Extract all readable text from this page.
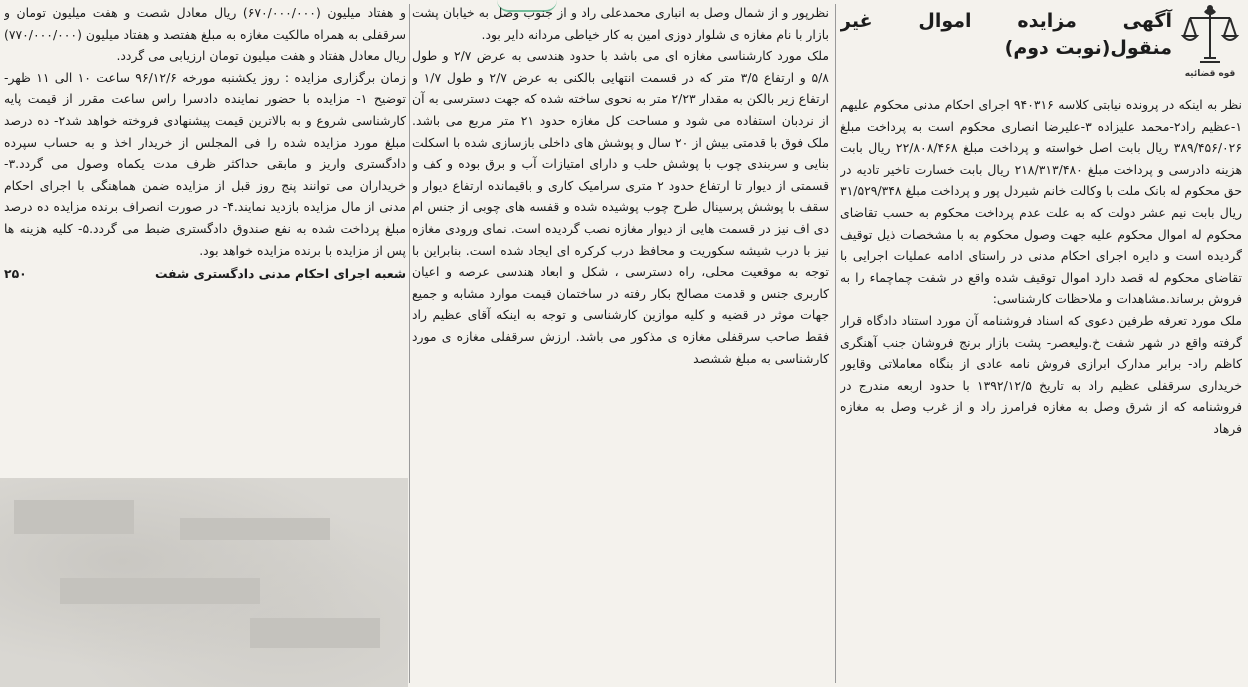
قوه قضائیه
آگهی مزایده اموال غیر منقول(نوبت دوم)

نظر به اینکه در پرونده نیابتی کلاسه ۹۴۰۳۱۶ اجرای احکام مدنی محکوم علیهم ۱-عظیم راد۲-محمد علیزاده ۳-علیرضا انصاری محکوم است به پرداخت مبلغ ۳۸۹/۴۵۶/۰۲۶ ریال بابت اصل خواسته و پرداخت مبلغ ۲۲/۸۰۸/۴۶۸ ریال بابت هزینه دادرسی و پرداخت مبلغ ۲۱۸/۳۱۳/۴۸۰ ریال بابت خسارت تاخیر تادیه در حق محکوم له بانک ملت با وکالت خانم شیردل پور و پرداخت مبلغ ۳۱/۵۲۹/۳۴۸ ریال بابت نیم عشر دولت که به علت عدم پرداخت محکوم به حسب تقاضای محکوم له اموال محکوم علیه جهت وصول محکوم به با مشخصات ذیل توقیف گردیده است و دایره اجرای احکام مدنی در راستای ادامه عملیات اجرایی با تقاضای محکوم له قصد دارد اموال توقیف شده واقع در شفت چماچماء را به فروش برساند.مشاهدات و ملاحظات کارشناسی:

ملک مورد تعرفه طرفین دعوی که اسناد فروشنامه آن مورد استناد دادگاه قرار گرفته واقع در شهر شفت خ.ولیعصر- پشت بازار برنج فروشان جنب آهنگری کاظم راد- برابر مدارک ابرازی فروش نامه عادی از بنگاه معاملاتی وقایور خریداری سرقفلی عظیم راد به تاریخ ۱۳۹۲/۱۲/۵ با حدود اربعه مندرج در فروشنامه که از شرق وصل به مغازه فرامرز راد و از غرب وصل به مغازه فرهاد

نظرپور و از شمال وصل به انباری محمدعلی راد و از جنوب وصل به خیابان پشت بازار با نام مغازه ی شلوار دوزی امین به کار خیاطی مردانه دایر بود.

ملک مورد کارشناسی مغازه ای می باشد با حدود هندسی به عرض ۲/۷ و طول ۵/۸ و ارتفاع ۳/۵ متر که در قسمت انتهایی بالکنی به عرض ۲/۷ و طول ۱/۷ و ارتفاع زیر بالکن به مقدار ۲/۲۳ متر به نحوی ساخته شده که جهت دسترسی به آن از نردبان استفاده می شود و مساحت کل مغازه حدود ۲۱ متر مربع می باشد. ملک فوق با قدمتی بیش از ۲۰ سال و پوشش های داخلی بازسازی شده با اسکلت بنایی و سربندی چوب با پوشش حلب و دارای امتیازات آب و برق بوده و کف و قسمتی از دیوار تا ارتفاع حدود ۲ متری سرامیک کاری و باقیمانده ارتفاع دیوار و سقف با پوشش پرسینال طرح چوب پوشیده شده و قفسه های چوبی از جنس ام دی اف نیز در قسمت هایی از دیوار مغازه نصب گردیده است. نمای ورودی مغازه نیز با درب شیشه سکوریت و محافظ درب کرکره ای ایجاد شده است. بنابراین با توجه به موقعیت محلی، راه دسترسی ، شکل و ابعاد هندسی عرصه و اعیان کاربری جنس و قدمت مصالح بکار رفته در ساختمان قیمت موارد مشابه و جمیع جهات موثر در قضیه و کلیه موازین کارشناسی و توجه به اینکه آقای عظیم راد فقط صاحب سرقفلی مغازه ی مذکور می باشد. ارزش سرقفلی مغازه ی مورد کارشناسی به مبلغ ششصد

و هفتاد میلیون (۶۷۰/۰۰۰/۰۰۰) ریال معادل شصت و هفت میلیون تومان و سرقفلی به همراه مالکیت مغازه به مبلغ هفتصد و هفتاد میلیون (۷۷۰/۰۰۰/۰۰۰) ریال معادل هفتاد و هفت میلیون تومان ارزیابی می گردد.

زمان برگزاری مزایده : روز یکشنبه مورخه ۹۶/۱۲/۶ ساعت ۱۰ الی ۱۱ ظهر- توضیح ۱- مزایده با حضور نماینده دادسرا راس ساعت مقرر از قیمت پایه کارشناسی شروع و به بالاترین قیمت پیشنهادی فروخته خواهد شد۲- ده درصد مبلغ مورد مزایده شده را فی المجلس از خریدار اخذ و به حساب سپرده دادگستری واریز و مابقی حداکثر ظرف مدت یکماه وصول می گردد.۳- خریداران می توانند پنج روز قبل از مزایده ضمن هماهنگی با اجرای احکام مدنی از مال مزایده بازدید نمایند.۴- در صورت انصراف برنده مزایده ده درصد مبلغ پرداخت شده به نفع صندوق دادگستری ضبط می گردد.۵- کلیه هزینه ها پس از مزایده با برنده مزایده خواهد بود.

شعبه اجرای احکام مدنی دادگستری شفت
۲۵۰
